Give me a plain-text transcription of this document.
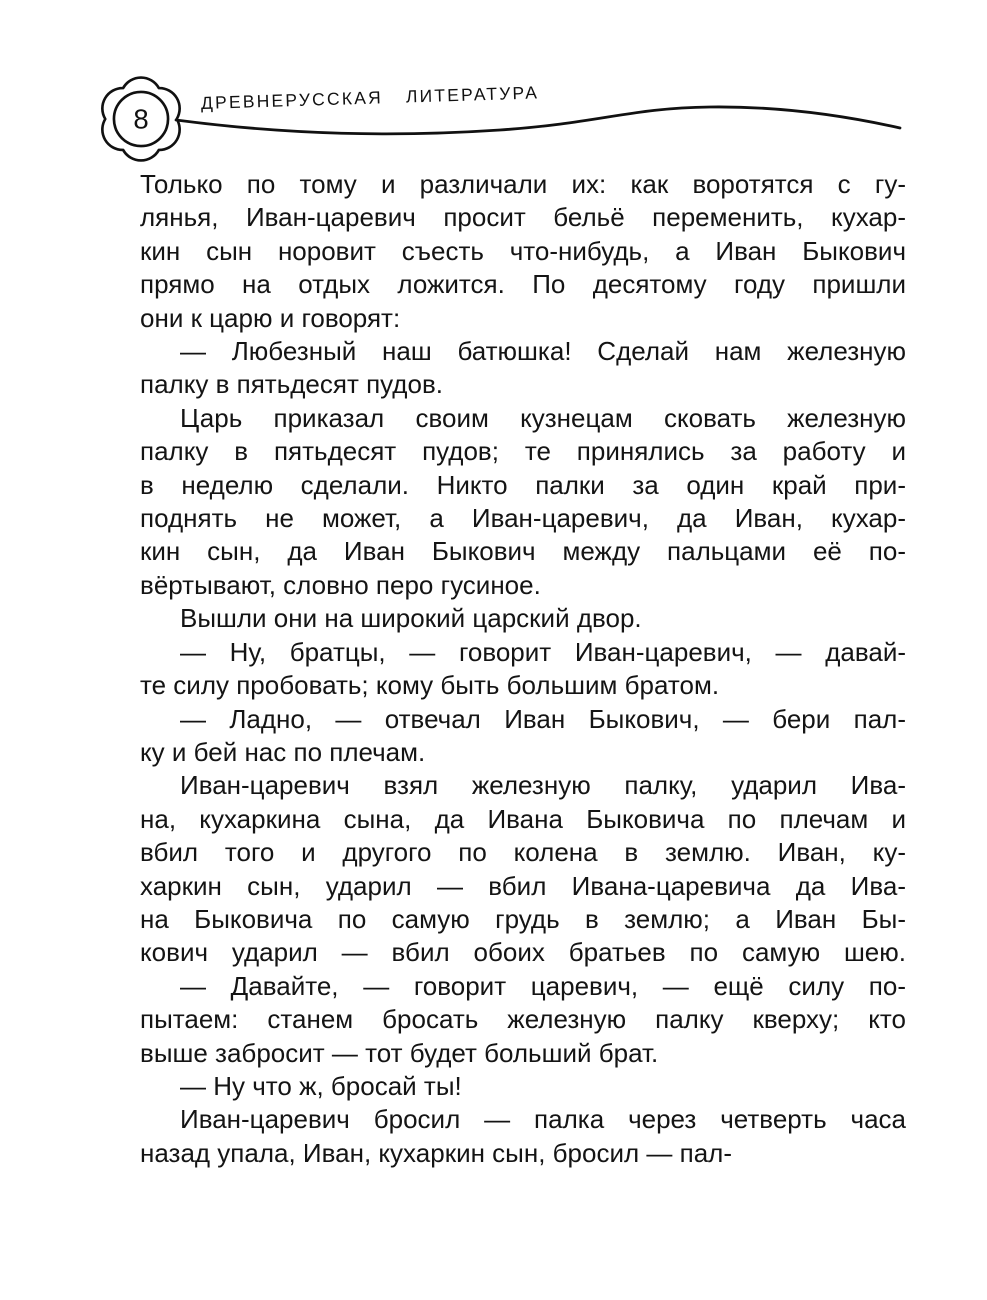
8
ДРЕВНЕРУССКАЯ ЛИТЕРАТУРА
Только по тому и различали их: как воротятся с гу-
лянья, Иван-царевич просит бельё переменить, кухар-
кин сын норовит съесть что-нибудь, а Иван Быкович
прямо на отдых ложится. По десятому году пришли
они к царю и говорят:
— Любезный наш батюшка! Сделай нам железную
палку в пятьдесят пудов.
Царь приказал своим кузнецам сковать железную
палку в пятьдесят пудов; те принялись за работу и
в неделю сделали. Никто палки за один край при-
поднять не может, а Иван-царевич, да Иван, кухар-
кин сын, да Иван Быкович между пальцами её по-
вёртывают, словно перо гусиное.
Вышли они на широкий царский двор.
— Ну, братцы, — говорит Иван-царевич, — давай-
те силу пробовать; кому быть большим братом.
— Ладно, — отвечал Иван Быкович, — бери пал-
ку и бей нас по плечам.
Иван-царевич взял железную палку, ударил Ива-
на, кухаркина сына, да Ивана Быковича по плечам и
вбил того и другого по колена в землю. Иван, ку-
харкин сын, ударил — вбил Ивана-царевича да Ива-
на Быковича по самую грудь в землю; а Иван Бы-
кович ударил — вбил обоих братьев по самую шею.
— Давайте, — говорит царевич, — ещё силу по-
пытаем: станем бросать железную палку кверху; кто
выше забросит — тот будет больший брат.
— Ну что ж, бросай ты!
Иван-царевич бросил — палка через четверть часа
назад упала, Иван, кухаркин сын, бросил — пал-
